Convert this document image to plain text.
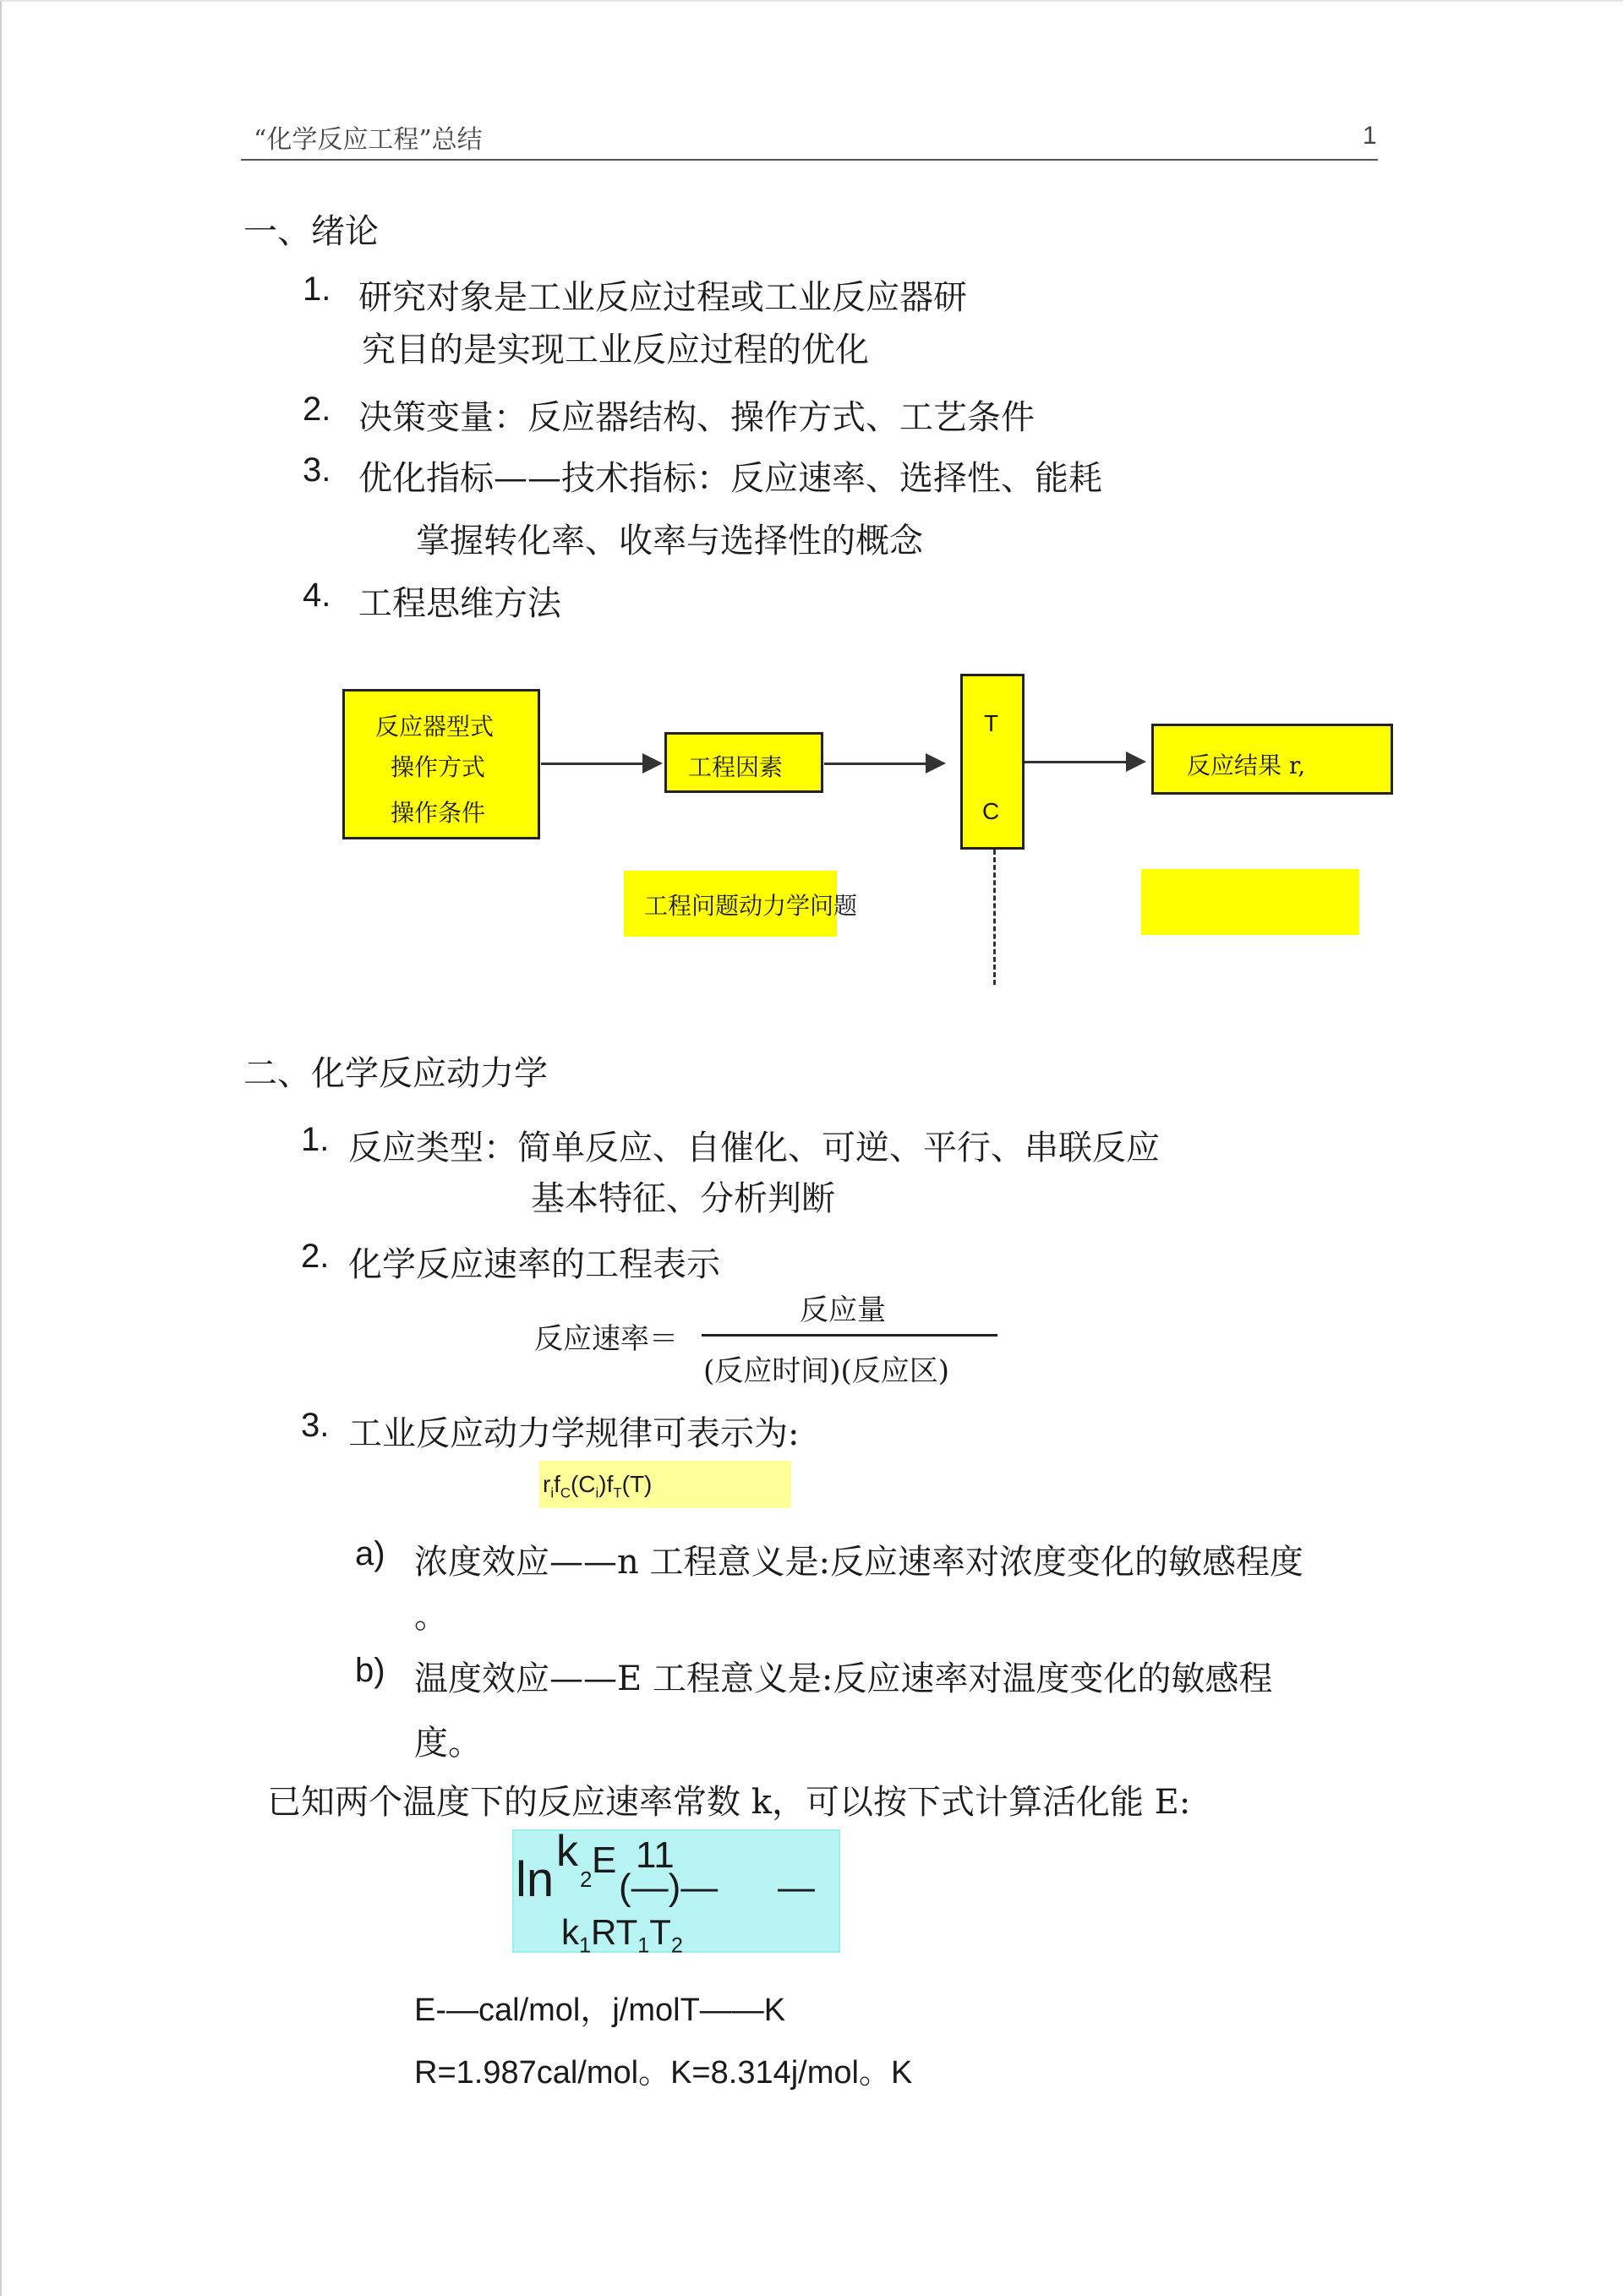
“化学反应工程”总结	1
一、绪论
1. 研究对象是工业反应过程或工业反应器研
究目的是实现工业反应过程的优化
2. 决策变量：反应器结构、操作方式、工艺条件
3. 优化指标——技术指标：反应速率、选择性、能耗
掌握转化率、收率与选择性的概念
4. 工程思维方法
反应器型式
操作方式
操作条件
工程因素
T
C
反应结果 r,
工程问题动力学问题
二、化学反应动力学
1. 反应类型：简单反应、自催化、可逆、平行、串联反应
基本特征、分析判断
2. 化学反应速率的工程表示
反应速率＝
反应量
(反应时间)(反应区)
3. 工业反应动力学规律可表示为:
$r_if_C(C_i)f_T(T)$
a) 浓度效应——n 工程意义是:反应速率对浓度变化的敏感程度
。
b) 温度效应——E 工程意义是:反应速率对温度变化的敏感程
度。
已知两个温度下的反应速率常数 k，可以按下式计算活化能 E:
ln
k
2 E 11
(—)— —
$k_1RT_1T_2$
E-—cal/mol，j/molT——K
R=1.987cal/mol。K=8.314j/mol。K
